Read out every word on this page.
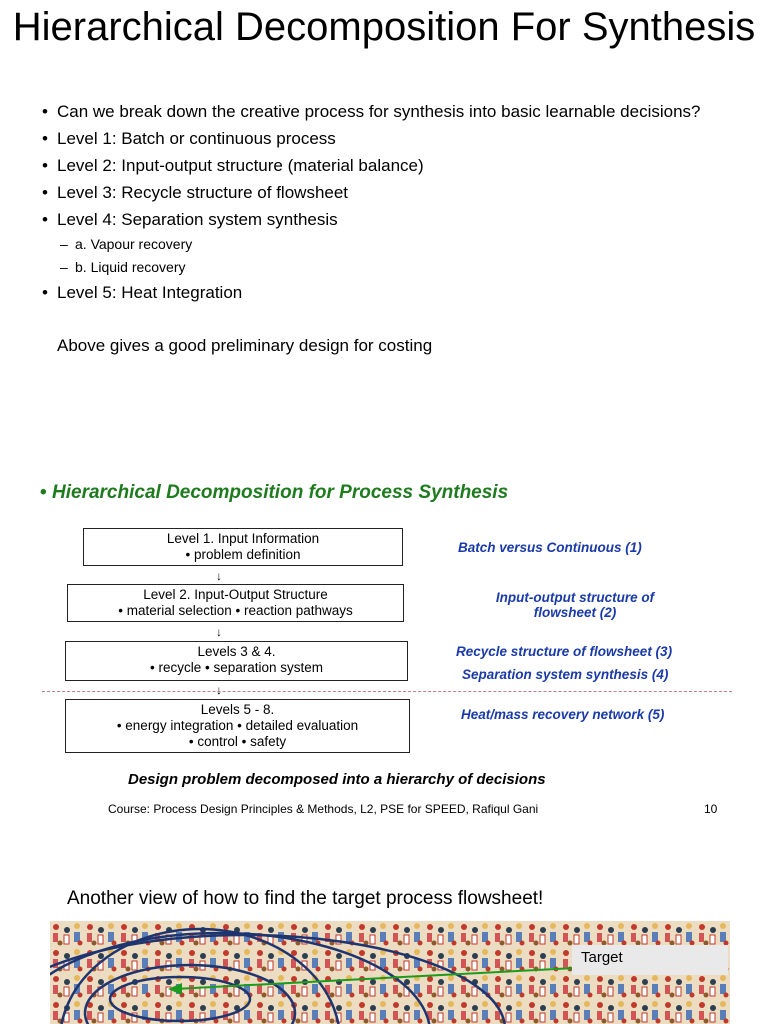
Hierarchical Decomposition For Synthesis
• Can we break down the creative process for synthesis into basic learnable decisions?
• Level 1: Batch or continuous process
• Level 2: Input-output structure (material balance)
• Level 3: Recycle structure of flowsheet
• Level 4: Separation system synthesis
– a. Vapour recovery
– b. Liquid recovery
• Level 5: Heat Integration
Above gives a good preliminary design for costing
• Hierarchical Decomposition for Process Synthesis
Level 1. Input Information
• problem definition
↓
Level 2. Input-Output Structure
• material selection • reaction pathways
↓
Levels 3 & 4.
• recycle • separation system
↓
Levels 5 - 8.
• energy integration • detailed evaluation
• control • safety
Batch versus Continuous (1)
Input-output structure of
flowsheet (2)
Recycle structure of flowsheet (3)
Separation system synthesis (4)
Heat/mass recovery network (5)
Design problem decomposed into a hierarchy of decisions
Course: Process Design Principles & Methods, L2, PSE for SPEED, Rafiqul Gani	10
Another view of how to find the target process flowsheet!
Target
